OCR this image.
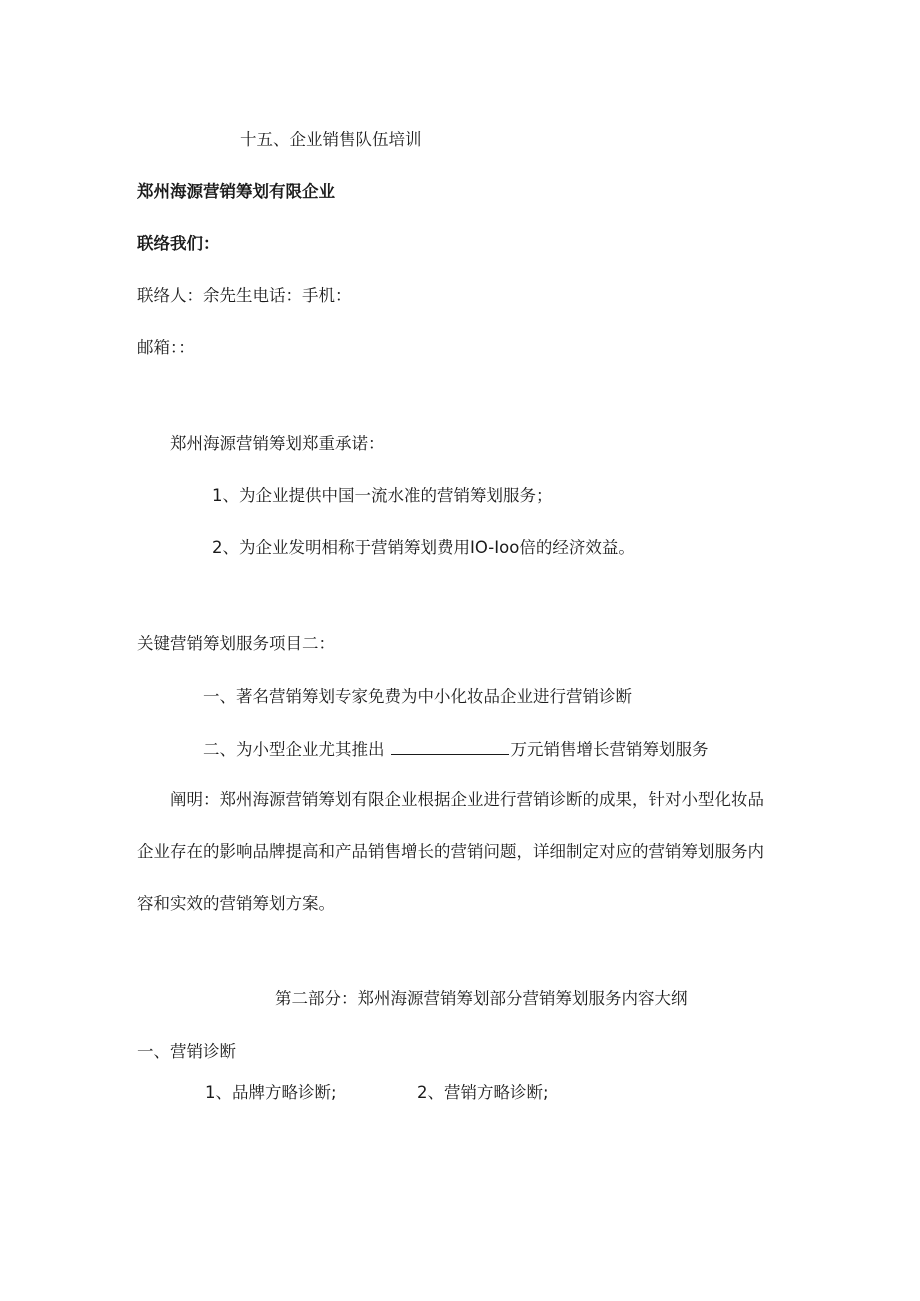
十五、企业销售队伍培训
郑州海源营销筹划有限企业
联络我们：
联络人：余先生电话：手机：
邮箱：：
郑州海源营销筹划郑重承诺：
1、为企业提供中国一流水准的营销筹划服务；
2、为企业发明相称于营销筹划费用IO-Ioo倍的经济效益。
关键营销筹划服务项目二：
一、著名营销筹划专家免费为中小化妆品企业进行营销诊断
二、为小型企业尤其推出	万元销售增长营销筹划服务
阐明：郑州海源营销筹划有限企业根据企业进行营销诊断的成果，针对小型化妆品
企业存在的影响品牌提高和产品销售增长的营销问题，详细制定对应的营销筹划服务内
容和实效的营销筹划方案。
第二部分：郑州海源营销筹划部分营销筹划服务内容大纲
一、营销诊断
1、品牌方略诊断;	2、营销方略诊断;
